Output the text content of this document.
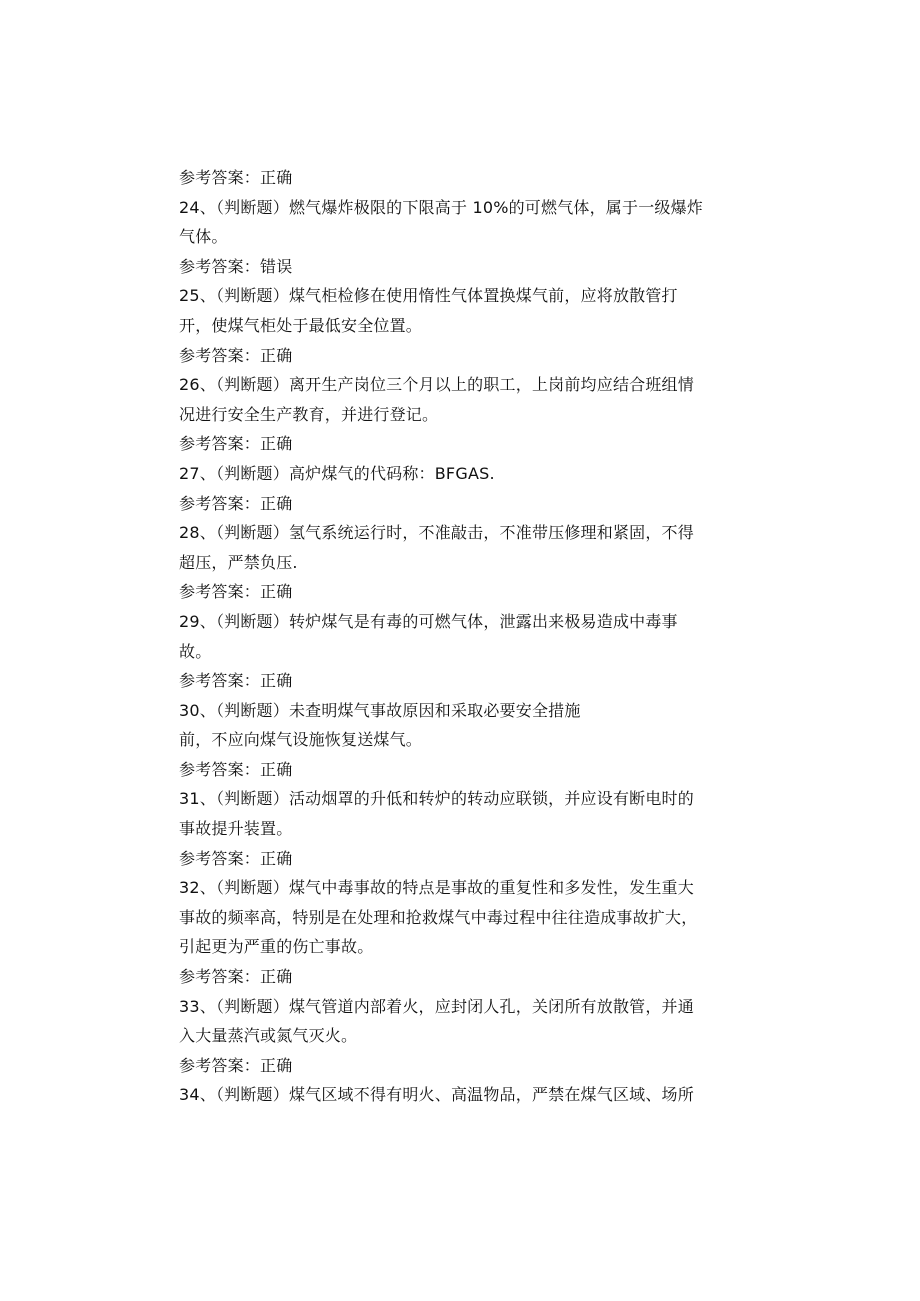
参考答案：正确
24、（判断题）燃气爆炸极限的下限高于 10%的可燃气体，属于一级爆炸
气体。
参考答案：错误
25、（判断题）煤气柜检修在使用惰性气体置换煤气前，应将放散管打
开，使煤气柜处于最低安全位置。
参考答案：正确
26、（判断题）离开生产岗位三个月以上的职工，上岗前均应结合班组情
况进行安全生产教育，并进行登记。
参考答案：正确
27、（判断题）高炉煤气的代码称：BFGAS.
参考答案：正确
28、（判断题）氢气系统运行时，不准敲击，不准带压修理和紧固，不得
超压，严禁负压.
参考答案：正确
29、（判断题）转炉煤气是有毒的可燃气体，泄露出来极易造成中毒事
故。
参考答案：正确
30、（判断题）未查明煤气事故原因和采取必要安全措施
前，不应向煤气设施恢复送煤气。
参考答案：正确
31、（判断题）活动烟罩的升低和转炉的转动应联锁，并应设有断电时的
事故提升装置。
参考答案：正确
32、（判断题）煤气中毒事故的特点是事故的重复性和多发性，发生重大
事故的频率高，特别是在处理和抢救煤气中毒过程中往往造成事故扩大，
引起更为严重的伤亡事故。
参考答案：正确
33、（判断题）煤气管道内部着火，应封闭人孔，关闭所有放散管，并通
入大量蒸汽或氮气灭火。
参考答案：正确
34、（判断题）煤气区域不得有明火、高温物品，严禁在煤气区域、场所
